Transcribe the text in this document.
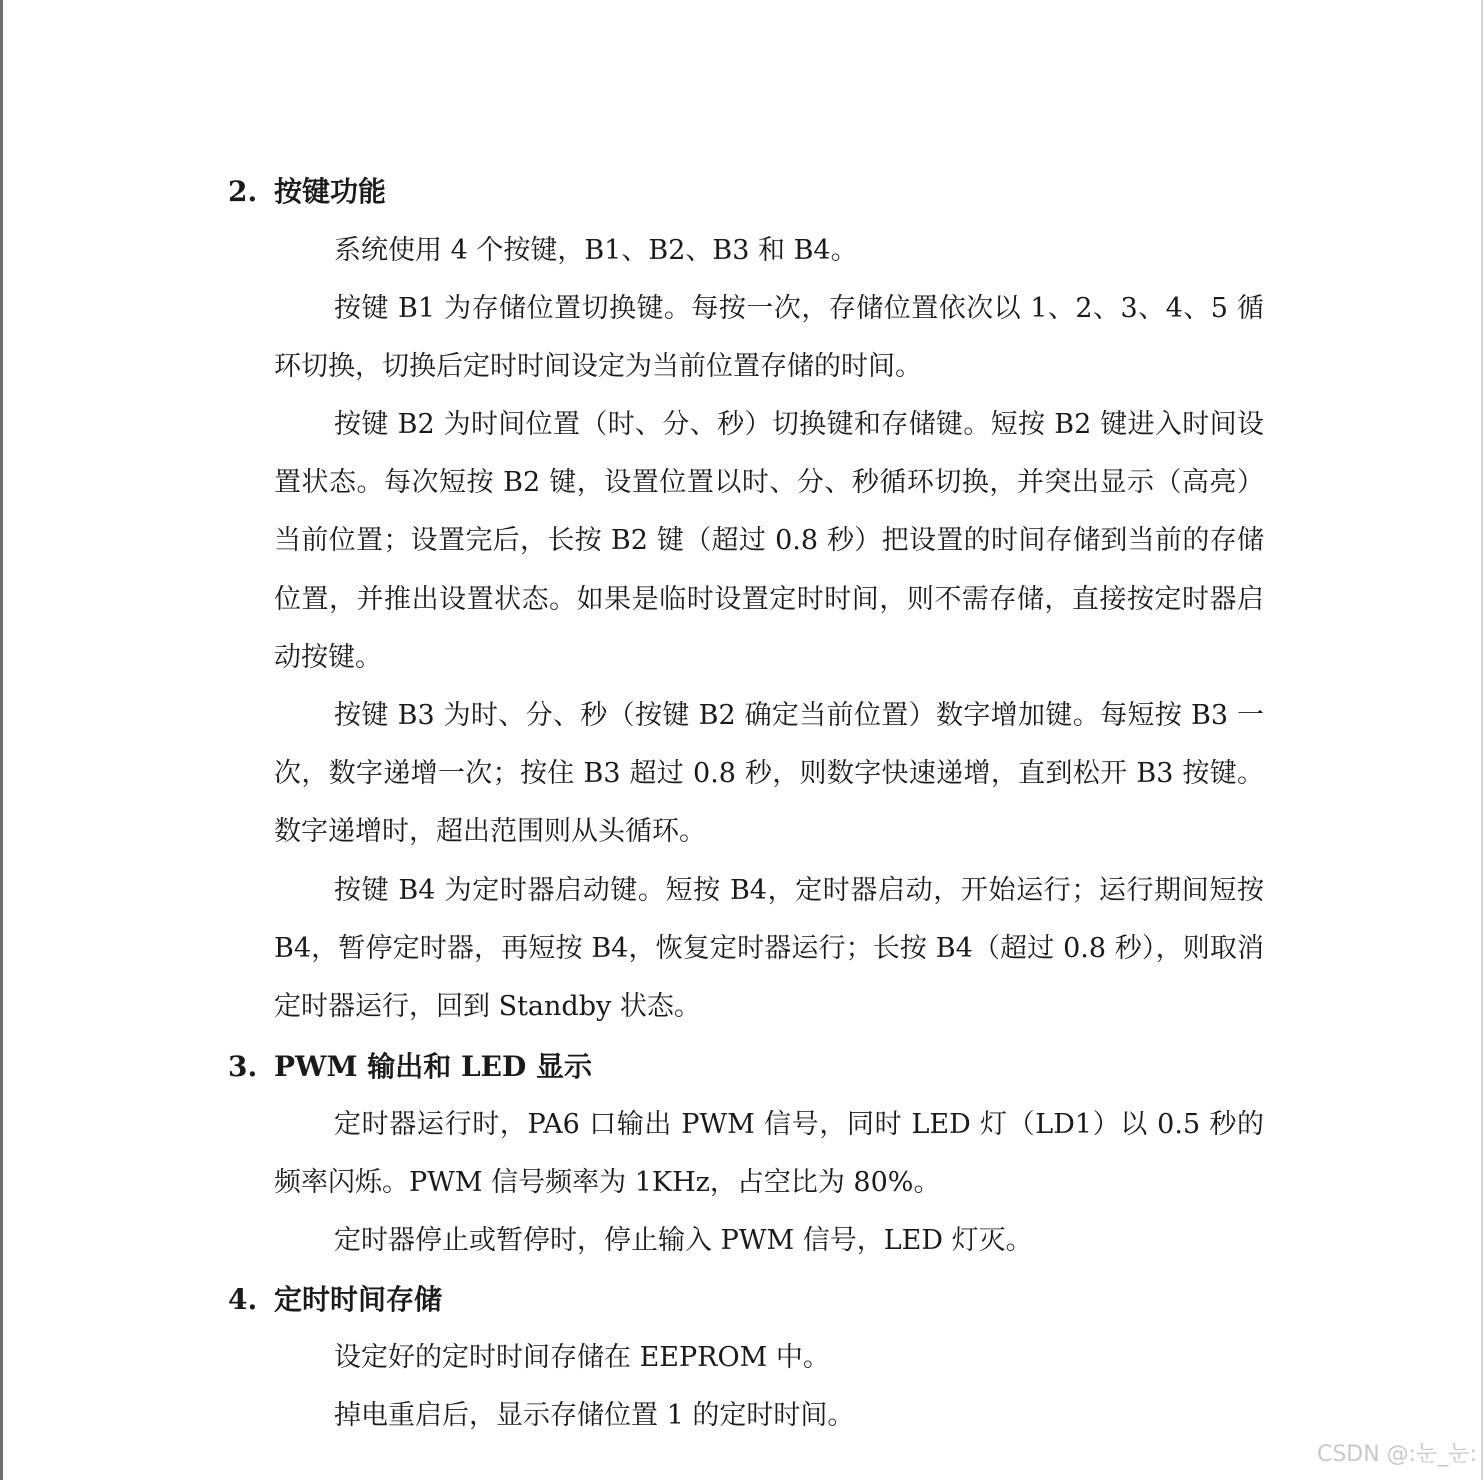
2. 按键功能

系统使用 4 个按键，B1、B2、B3 和 B4。

按键 B1 为存储位置切换键。每按一次，存储位置依次以 1、2、3、4、5 循环切换，切换后定时时间设定为当前位置存储的时间。

按键 B2 为时间位置（时、分、秒）切换键和存储键。短按 B2 键进入时间设置状态。每次短按 B2 键，设置位置以时、分、秒循环切换，并突出显示（高亮）当前位置；设置完后，长按 B2 键（超过 0.8 秒）把设置的时间存储到当前的存储位置，并推出设置状态。如果是临时设置定时时间，则不需存储，直接按定时器启动按键。

按键 B3 为时、分、秒（按键 B2 确定当前位置）数字增加键。每短按 B3 一次，数字递增一次；按住 B3 超过 0.8 秒，则数字快速递增，直到松开 B3 按键。数字递增时，超出范围则从头循环。

按键 B4 为定时器启动键。短按 B4，定时器启动，开始运行；运行期间短按 B4，暂停定时器，再短按 B4，恢复定时器运行；长按 B4（超过 0.8 秒），则取消定时器运行，回到 Standby 状态。

3. PWM 输出和 LED 显示

定时器运行时，PA6 口输出 PWM 信号，同时 LED 灯（LD1）以 0.5 秒的频率闪烁。PWM 信号频率为 1KHz，占空比为 80%。

定时器停止或暂停时，停止输入 PWM 信号，LED 灯灭。

4. 定时时间存储

设定好的定时时间存储在 EEPROM 中。

掉电重启后，显示存储位置 1 的定时时间。

CSDN @:눈_눈:
